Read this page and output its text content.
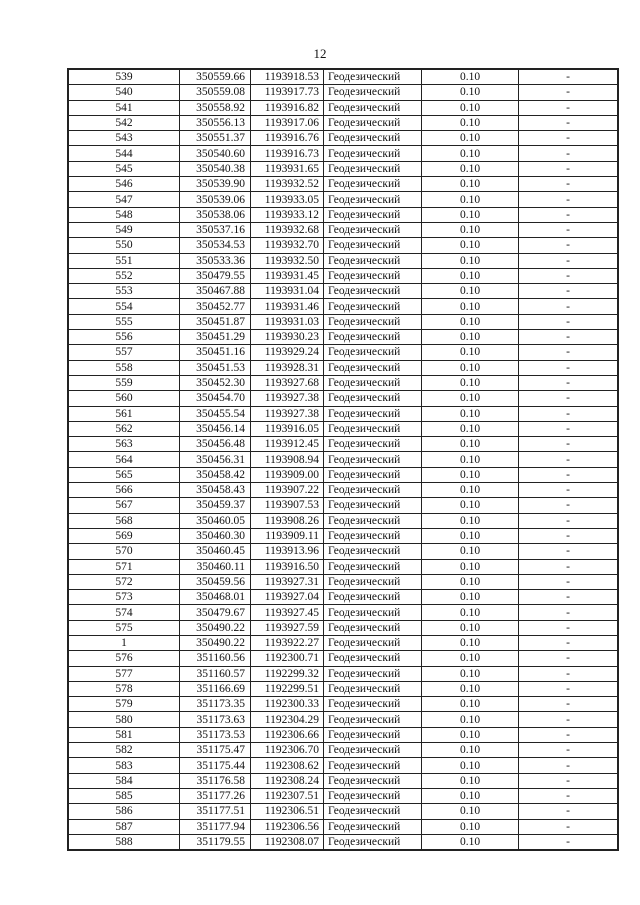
12
539	350559.66	1193918.53	Геодезический	0.10	-
540	350559.08	1193917.73	Геодезический	0.10	-
541	350558.92	1193916.82	Геодезический	0.10	-
542	350556.13	1193917.06	Геодезический	0.10	-
543	350551.37	1193916.76	Геодезический	0.10	-
544	350540.60	1193916.73	Геодезический	0.10	-
545	350540.38	1193931.65	Геодезический	0.10	-
546	350539.90	1193932.52	Геодезический	0.10	-
547	350539.06	1193933.05	Геодезический	0.10	-
548	350538.06	1193933.12	Геодезический	0.10	-
549	350537.16	1193932.68	Геодезический	0.10	-
550	350534.53	1193932.70	Геодезический	0.10	-
551	350533.36	1193932.50	Геодезический	0.10	-
552	350479.55	1193931.45	Геодезический	0.10	-
553	350467.88	1193931.04	Геодезический	0.10	-
554	350452.77	1193931.46	Геодезический	0.10	-
555	350451.87	1193931.03	Геодезический	0.10	-
556	350451.29	1193930.23	Геодезический	0.10	-
557	350451.16	1193929.24	Геодезический	0.10	-
558	350451.53	1193928.31	Геодезический	0.10	-
559	350452.30	1193927.68	Геодезический	0.10	-
560	350454.70	1193927.38	Геодезический	0.10	-
561	350455.54	1193927.38	Геодезический	0.10	-
562	350456.14	1193916.05	Геодезический	0.10	-
563	350456.48	1193912.45	Геодезический	0.10	-
564	350456.31	1193908.94	Геодезический	0.10	-
565	350458.42	1193909.00	Геодезический	0.10	-
566	350458.43	1193907.22	Геодезический	0.10	-
567	350459.37	1193907.53	Геодезический	0.10	-
568	350460.05	1193908.26	Геодезический	0.10	-
569	350460.30	1193909.11	Геодезический	0.10	-
570	350460.45	1193913.96	Геодезический	0.10	-
571	350460.11	1193916.50	Геодезический	0.10	-
572	350459.56	1193927.31	Геодезический	0.10	-
573	350468.01	1193927.04	Геодезический	0.10	-
574	350479.67	1193927.45	Геодезический	0.10	-
575	350490.22	1193927.59	Геодезический	0.10	-
1	350490.22	1193922.27	Геодезический	0.10	-
576	351160.56	1192300.71	Геодезический	0.10	-
577	351160.57	1192299.32	Геодезический	0.10	-
578	351166.69	1192299.51	Геодезический	0.10	-
579	351173.35	1192300.33	Геодезический	0.10	-
580	351173.63	1192304.29	Геодезический	0.10	-
581	351173.53	1192306.66	Геодезический	0.10	-
582	351175.47	1192306.70	Геодезический	0.10	-
583	351175.44	1192308.62	Геодезический	0.10	-
584	351176.58	1192308.24	Геодезический	0.10	-
585	351177.26	1192307.51	Геодезический	0.10	-
586	351177.51	1192306.51	Геодезический	0.10	-
587	351177.94	1192306.56	Геодезический	0.10	-
588	351179.55	1192308.07	Геодезический	0.10	-
